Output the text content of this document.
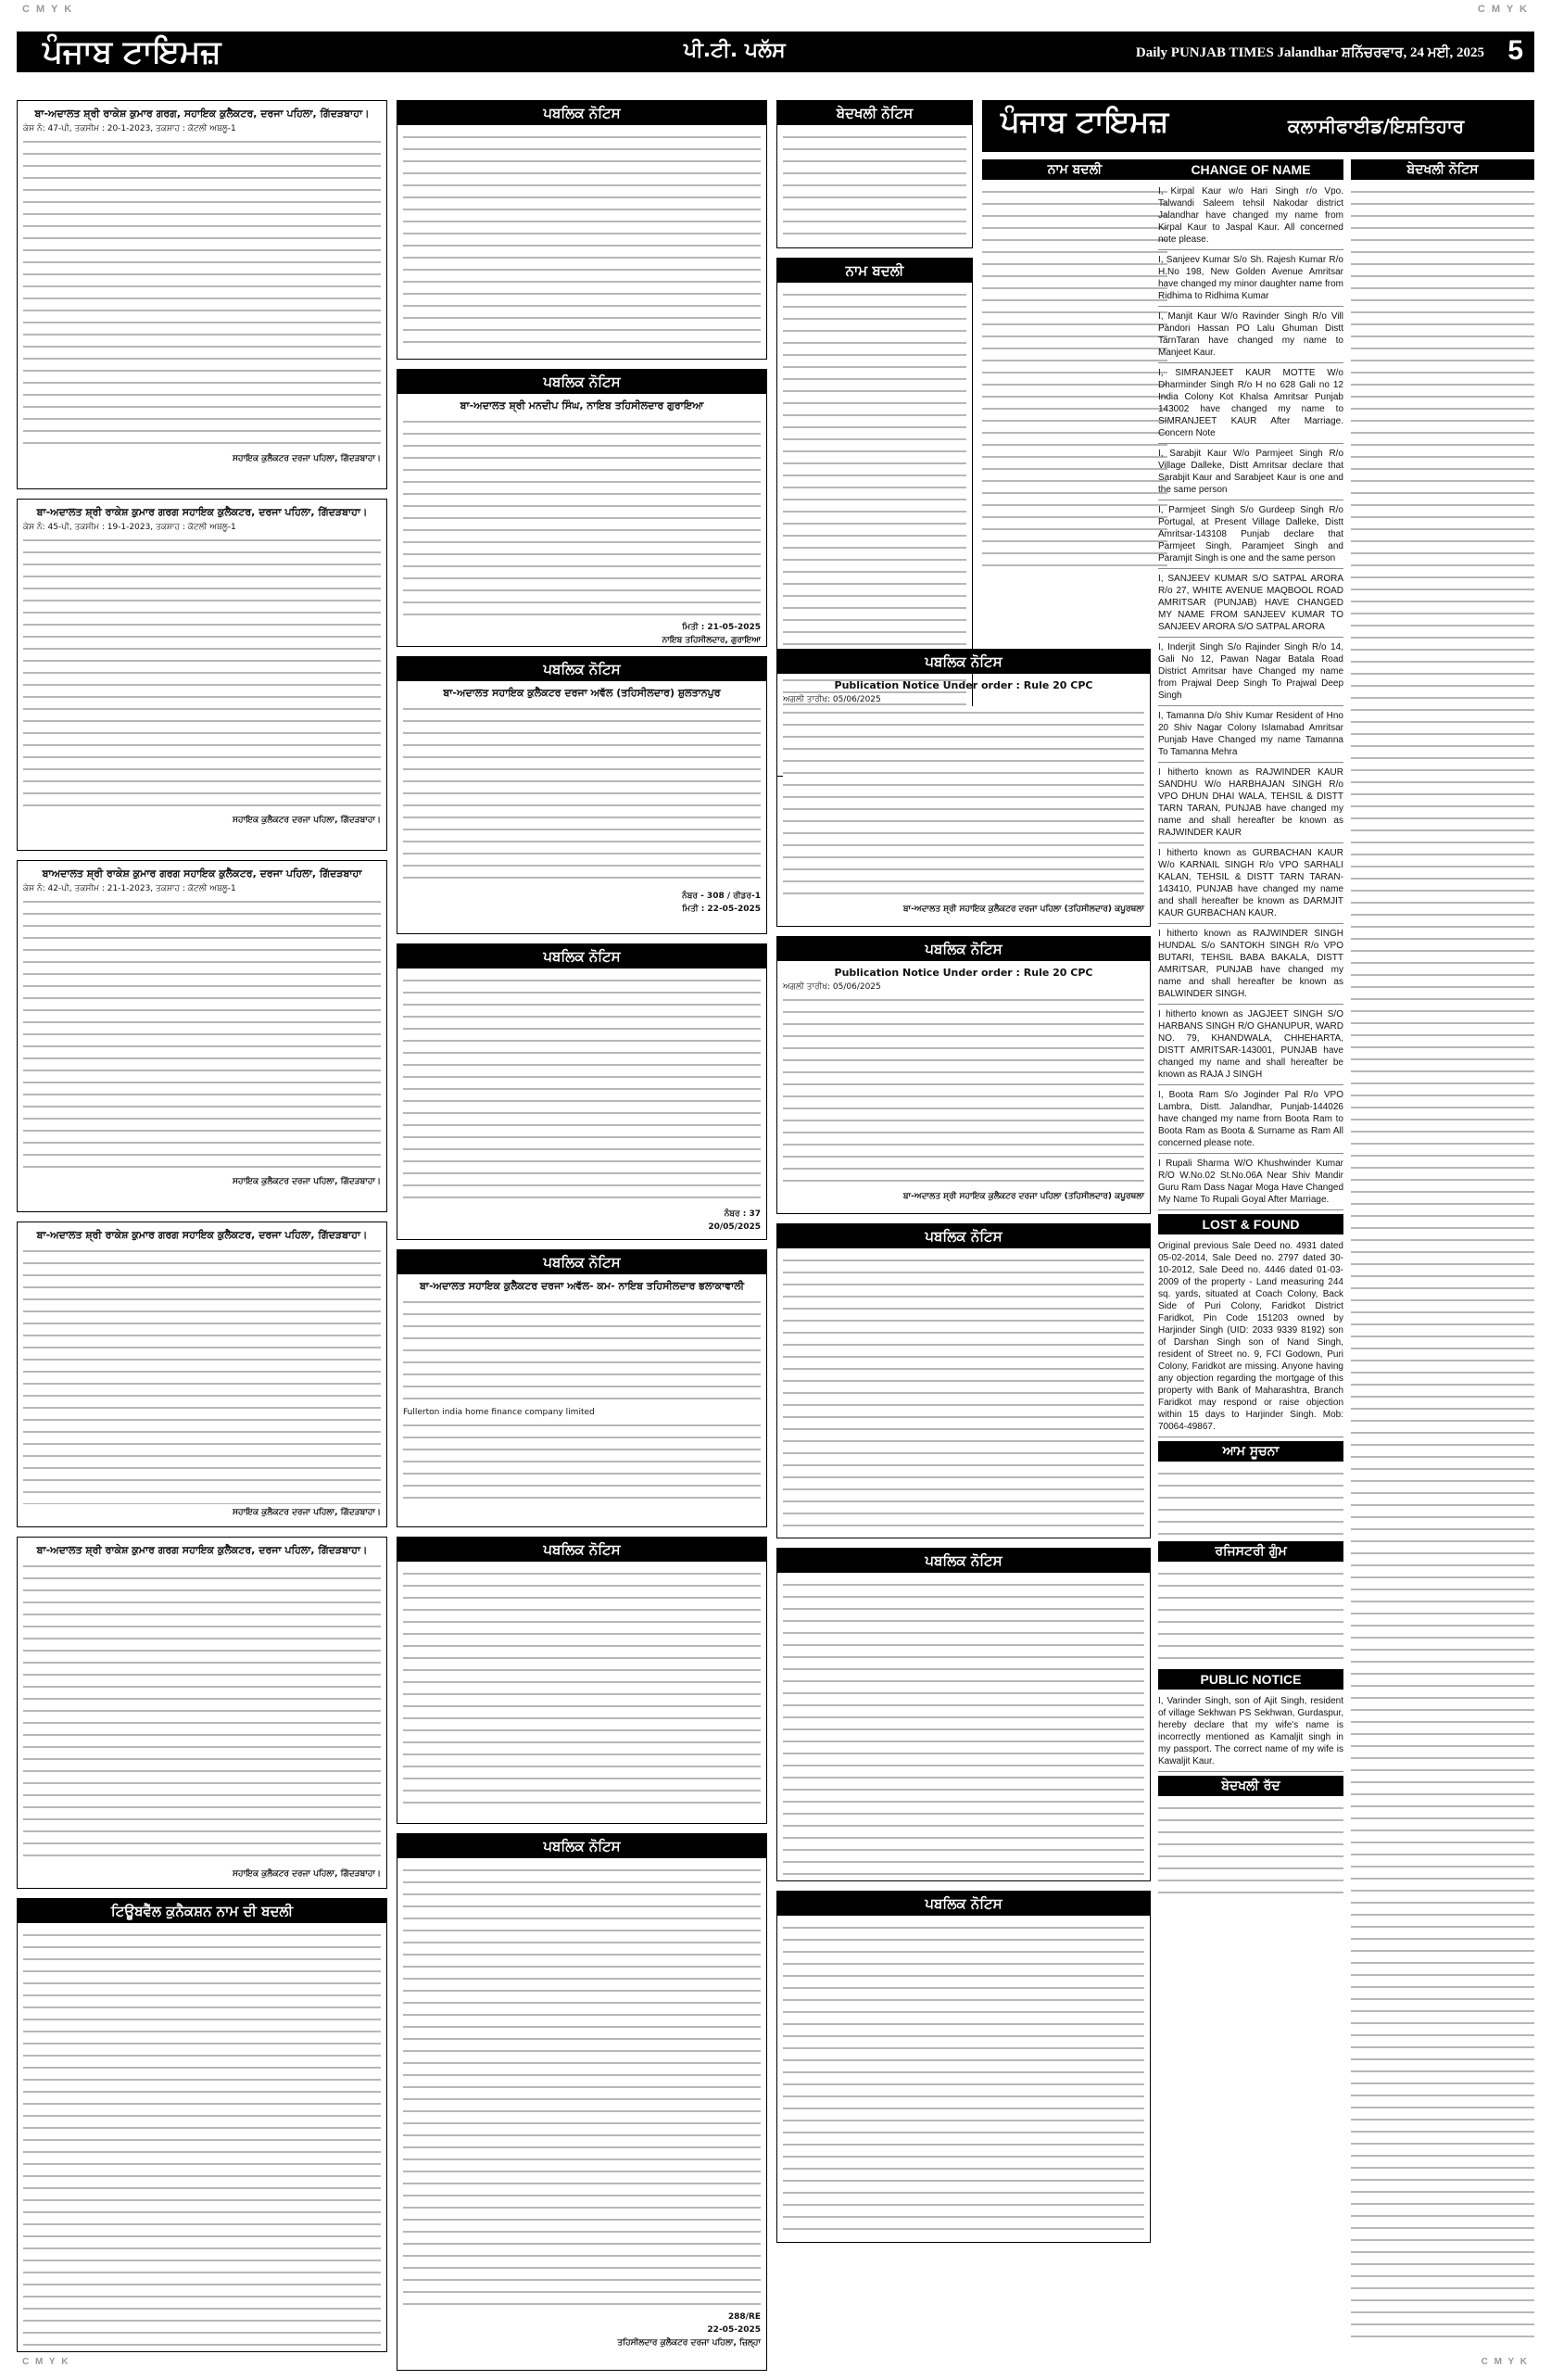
C M Y K	C M Y K
ਰੋਜ਼ਾਨਾ
ਪੰਜਾਬ ਟਾਇਮਜ਼	ਪੀ.ਟੀ. ਪਲੱਸ	Daily PUNJAB TIMES Jalandhar ਸ਼ਨਿੱਚਰਵਾਰ, 24 ਮਈ, 2025 5
ਬਾ-ਅਦਾਲਤ ਸ਼੍ਰੀ ਰਾਕੇਸ਼ ਕੁਮਾਰ ਗਰਗ, ਸਹਾਇਕ ਕੁਲੈਕਟਰ, ਦਰਜਾ ਪਹਿਲਾ, ਗਿੱਦੜਬਾਹਾ।
ਕੇਸ ਨੰ: 47-ਪੀ, ਤਕਸੀਮ : 20-1-2023, ਤਕਸ਼ਾਹ : ਕੋਟਲੀ ਅਬਲੂ-1
ਸਹਾਇਕ ਕੁਲੈਕਟਰ ਦਰਜਾ ਪਹਿਲਾ, ਗਿੱਦੜਬਾਹਾ।
ਬਾ-ਅਦਾਲਤ ਸ਼੍ਰੀ ਰਾਕੇਸ਼ ਕੁਮਾਰ ਗਰਗ ਸਹਾਇਕ ਕੁਲੈਕਟਰ, ਦਰਜਾ ਪਹਿਲਾ, ਗਿੱਦੜਬਾਹਾ।
ਕੇਸ ਨੰ: 45-ਪੀ, ਤਕਸੀਮ : 19-1-2023, ਤਕਸ਼ਾਹ : ਕੋਟਲੀ ਅਬਲੂ-1
ਸਹਾਇਕ ਕੁਲੈਕਟਰ ਦਰਜਾ ਪਹਿਲਾ, ਗਿੱਦੜਬਾਹਾ।
ਬਾਅਦਾਲਤ ਸ਼੍ਰੀ ਰਾਕੇਸ਼ ਕੁਮਾਰ ਗਰਗ ਸਹਾਇਕ ਕੁਲੈਕਟਰ, ਦਰਜਾ ਪਹਿਲਾ, ਗਿੱਦੜਬਾਹਾ
ਕੇਸ ਨੰ: 42-ਪੀ, ਤਕਸੀਮ : 21-1-2023, ਤਕਸ਼ਾਹ : ਕੋਟਲੀ ਅਬਲੂ-1
ਸਹਾਇਕ ਕੁਲੈਕਟਰ ਦਰਜਾ ਪਹਿਲਾ, ਗਿੱਦੜਬਾਹਾ।
ਬਾ-ਅਦਾਲਤ ਸ਼੍ਰੀ ਰਾਕੇਸ਼ ਕੁਮਾਰ ਗਰਗ ਸਹਾਇਕ ਕੁਲੈਕਟਰ, ਦਰਜਾ ਪਹਿਲਾ, ਗਿੱਦੜਬਾਹਾ।
ਸਹਾਇਕ ਕੁਲੈਕਟਰ ਦਰਜਾ ਪਹਿਲਾ, ਗਿੱਦੜਬਾਹਾ।
ਬਾ-ਅਦਾਲਤ ਸ਼੍ਰੀ ਰਾਕੇਸ਼ ਕੁਮਾਰ ਗਰਗ ਸਹਾਇਕ ਕੁਲੈਕਟਰ, ਦਰਜਾ ਪਹਿਲਾ, ਗਿੱਦੜਬਾਹਾ।
ਸਹਾਇਕ ਕੁਲੈਕਟਰ ਦਰਜਾ ਪਹਿਲਾ, ਗਿੱਦੜਬਾਹਾ।
ਟਿਊਬਵੈੱਲ ਕੁਨੈਕਸ਼ਨ ਨਾਮ ਦੀ ਬਦਲੀ
ਪਬਲਿਕ ਨੋਟਿਸ
ਪਬਲਿਕ ਨੋਟਿਸ
ਬਾ-ਅਦਾਲਤ ਸ਼੍ਰੀ ਮਨਦੀਪ ਸਿੰਘ, ਨਾਇਬ ਤਹਿਸੀਲਦਾਰ ਗੁਰਾਇਆ
ਮਿਤੀ : 21-05-2025
ਨਾਇਬ ਤਹਿਸੀਲਦਾਰ, ਗੁਰਾਇਆ
ਪਬਲਿਕ ਨੋਟਿਸ
ਬਾ-ਅਦਾਲਤ ਸਹਾਇਕ ਕੁਲੈਕਟਰ ਦਰਜਾ ਅਵੱਲ (ਤਹਿਸੀਲਦਾਰ) ਸ਼ੁਲਤਾਨਪੁਰ
ਨੰਬਰ - 308 / ਰੀਡਰ-1
ਮਿਤੀ : 22-05-2025
ਪਬਲਿਕ ਨੋਟਿਸ
ਨੰਬਰ : 37
20/05/2025
ਪਬਲਿਕ ਨੋਟਿਸ
ਬਾ-ਅਦਾਲਤ ਸਹਾਇਕ ਕੁਲੈਕਟਰ ਦਰਜਾ ਅਵੱਲ- ਕਮ- ਨਾਇਬ ਤਹਿਸੀਲਦਾਰ ਭਲਾਕਾਵਾਲੀ
Fullerton india home finance company limited
ਪਬਲਿਕ ਨੋਟਿਸ
ਪਬਲਿਕ ਨੋਟਿਸ
288/RE
22-05-2025
ਤਹਿਸੀਲਦਾਰ ਕੁਲੈਕਟਰ ਦਰਜਾ ਪਹਿਲਾ, ਜ਼ਿਲ੍ਹਾ
ਬੇਦਖਲੀ ਨੋਟਿਸ
ਨਾਮ ਬਦਲੀ
ਪਬਲਿਕ ਨੋਟਿਸ
Publication Notice Under order : Rule 20 CPC
ਅਗਲੀ ਤਾਰੀਖ: 05/06/2025
ਬਾ-ਅਦਾਲਤ ਸ਼੍ਰੀ ਸਹਾਇਕ ਕੁਲੈਕਟਰ ਦਰਜਾ ਪਹਿਲਾ (ਤਹਿਸੀਲਦਾਰ) ਕਪੂਰਥਲਾ
ਪਬਲਿਕ ਨੋਟਿਸ
Publication Notice Under order : Rule 20 CPC
ਅਗਲੀ ਤਾਰੀਖ: 05/06/2025
ਬਾ-ਅਦਾਲਤ ਸ਼੍ਰੀ ਸਹਾਇਕ ਕੁਲੈਕਟਰ ਦਰਜਾ ਪਹਿਲਾ (ਤਹਿਸੀਲਦਾਰ) ਕਪੂਰਥਲਾ
ਪਬਲਿਕ ਨੋਟਿਸ
ਪਬਲਿਕ ਨੋਟਿਸ
ਪਬਲਿਕ ਨੋਟਿਸ
ਪੰਜਾਬ ਟਾਇਮਜ਼	ਕਲਾਸੀਫਾਈਡ/ਇਸ਼ਤਿਹਾਰ
ਨਾਮ ਬਦਲੀ	CHANGE OF NAME

I, Kirpal Kaur w/o Hari Singh r/o Vpo. Talwandi Saleem tehsil Nakodar district Jalandhar have changed my name from Kirpal Kaur to Jaspal Kaur. All concerned note please.

I, Sanjeev Kumar S/o Sh. Rajesh Kumar R/o H.No 198, New Golden Avenue Amritsar have changed my minor daughter name from Ridhima to Ridhima Kumar

I, Manjit Kaur W/o Ravinder Singh R/o Vill Pandori Hassan PO Lalu Ghuman Distt TarnTaran have changed my name to Manjeet Kaur.

I, SIMRANJEET KAUR MOTTE W/o Dharminder Singh R/o H no 628 Gali no 12 India Colony Kot Khalsa Amritsar Punjab 143002 have changed my name to SIMRANJEET KAUR After Marriage. Concern Note

I, Sarabjit Kaur W/o Parmjeet Singh R/o Village Dalleke, Distt Amritsar declare that Sarabjit Kaur and Sarabjeet Kaur is one and the same person

I, Parmjeet Singh S/o Gurdeep Singh R/o Portugal, at Present Village Dalleke, Distt Amritsar-143108 Punjab declare that Parmjeet Singh, Paramjeet Singh and Paramjit Singh is one and the same person

I, SANJEEV KUMAR S/O SATPAL ARORA R/o 27, WHITE AVENUE MAQBOOL ROAD AMRITSAR (PUNJAB) HAVE CHANGED MY NAME FROM SANJEEV KUMAR TO SANJEEV ARORA S/O SATPAL ARORA

I, Inderjit Singh S/o Rajinder Singh R/o 14, Gali No 12, Pawan Nagar Batala Road District Amritsar have Changed my name from Prajwal Deep Singh To Prajwal Deep Singh

I, Tamanna D/o Shiv Kumar Resident of Hno 20 Shiv Nagar Colony Islamabad Amritsar Punjab Have Changed my name Tamanna To Tamanna Mehra

I hitherto known as RAJWINDER KAUR SANDHU W/o HARBHAJAN SINGH R/o VPO DHUN DHAI WALA, TEHSIL & DISTT TARN TARAN, PUNJAB have changed my name and shall hereafter be known as RAJWINDER KAUR

I hitherto known as GURBACHAN KAUR W/o KARNAIL SINGH R/o VPO SARHALI KALAN, TEHSIL & DISTT TARN TARAN-143410, PUNJAB have changed my name and shall hereafter be known as DARMJIT KAUR GURBACHAN KAUR.

I hitherto known as RAJWINDER SINGH HUNDAL S/o SANTOKH SINGH R/o VPO BUTARI, TEHSIL BABA BAKALA, DISTT AMRITSAR, PUNJAB have changed my name and shall hereafter be known as BALWINDER SINGH.

I hitherto known as JAGJEET SINGH S/O HARBANS SINGH R/O GHANUPUR, WARD NO. 79, KHANDWALA, CHHEHARTA, DISTT AMRITSAR-143001, PUNJAB have changed my name and shall hereafter be known as RAJA J SINGH

I, Boota Ram S/o Joginder Pal R/o VPO Lambra, Distt. Jalandhar, Punjab-144026 have changed my name from Boota Ram to Boota Ram as Boota & Surname as Ram All concerned please note.

I Rupali Sharma W/O Khushwinder Kumar R/O W.No.02 St.No.06A Near Shiv Mandir Guru Ram Dass Nagar Moga Have Changed My Name To Rupali Goyal After Marriage.

LOST & FOUND

Original previous Sale Deed no. 4931 dated 05-02-2014, Sale Deed no. 2797 dated 30-10-2012, Sale Deed no. 4446 dated 01-03-2009 of the property - Land measuring 244 sq. yards, situated at Coach Colony, Back Side of Puri Colony, Faridkot District Faridkot, Pin Code 151203 owned by Harjinder Singh (UID: 2033 9339 8192) son of Darshan Singh son of Nand Singh, resident of Street no. 9, FCI Godown, Puri Colony, Faridkot are missing. Anyone having any objection regarding the mortgage of this property with Bank of Maharashtra, Branch Faridkot may respond or raise objection within 15 days to Harjinder Singh. Mob: 70064-49867.

ਆਮ ਸੂਚਨਾ
ਰਜਿਸਟਰੀ ਗੁੰਮ
PUBLIC NOTICE

I, Varinder Singh, son of Ajit Singh, resident of village Sekhwan PS Sekhwan, Gurdaspur, hereby declare that my wife's name is incorrectly mentioned as Kamaljit singh in my passport. The correct name of my wife is Kawaljit Kaur.

ਬੇਦਖਲੀ ਰੱਦ
ਬੇਦਖਲੀ ਨੋਟਿਸ
C M Y K	C M Y K
